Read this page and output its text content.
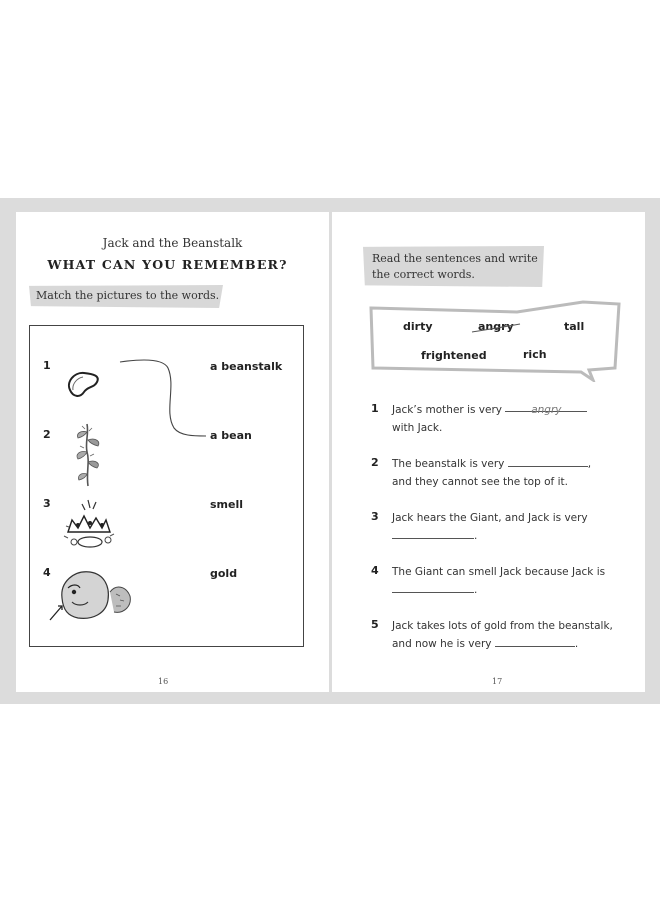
Jack and the Beanstalk
WHAT CAN YOU REMEMBER?
Match the pictures to the words.
1
2
3
4
a beanstalk
a bean
smell
gold
16
Read the sentences and write
the correct words.
dirty	angry	tall
frightened	rich
1 Jack’s mother is very	angry
with Jack.
2 The beanstalk is very	,
and they cannot see the top of it.
3 Jack hears the Giant, and Jack is very
.
4 The Giant can smell Jack because Jack is
.
5 Jack takes lots of gold from the beanstalk,
and now he is very	.
17
